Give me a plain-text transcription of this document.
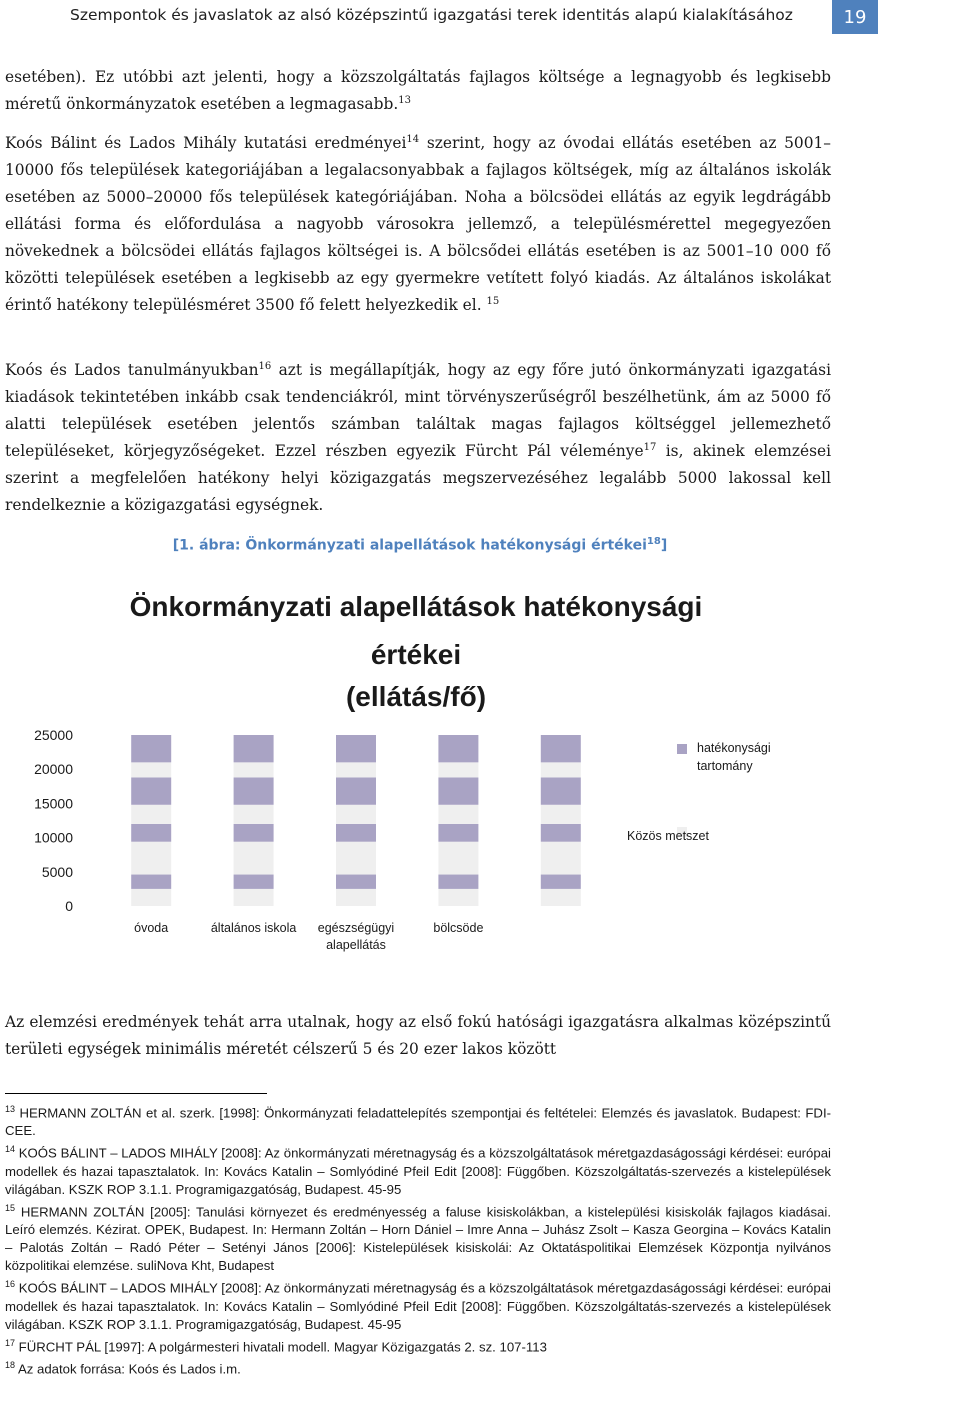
Szempontok és javaslatok az alsó középszintű igazgatási terek identitás alapú kialakításához	19

esetében). Ez utóbbi azt jelenti, hogy a közszolgáltatás fajlagos költsége a legnagyobb és legkisebb méretű önkormányzatok esetében a legmagasabb.$^{13}$

Koós Bálint és Lados Mihály kutatási eredményei$^{14}$ szerint, hogy az óvodai ellátás esetében az 5001–10000 fős települések kategoriájában a legalacsonyabbak a fajlagos költségek, míg az általános iskolák esetében az 5000–20000 fős települések kategóriájában. Noha a bölcsödei ellátás az egyik legdrágább ellátási forma és előfordulása a nagyobb városokra jellemző, a településmérettel megegyezően növekednek a bölcsödei ellátás fajlagos költségei is. A bölcsődei ellátás esetében is az 5001–10 000 fő közötti települések esetében a legkisebb az egy gyermekre vetített folyó kiadás. Az általános iskolákat érintő hatékony településméret 3500 fő felett helyezkedik el. $^{15}$

Koós és Lados tanulmányukban$^{16}$ azt is megállapítják, hogy az egy főre jutó önkormányzati igazgatási kiadások tekintetében inkább csak tendenciákról, mint törvényszerűségről beszélhetünk, ám az 5000 fő alatti települések esetében jelentős számban találtak magas fajlagos költséggel jellemezhető településeket, körjegyzőségeket. Ezzel részben egyezik Fürcht Pál véleménye$^{17}$ is, akinek elemzései szerint a megfelelően hatékony helyi közigazgatás megszervezéséhez legalább 5000 lakossal kell rendelkeznie a közigazgatási egységnek.

[1. ábra: Önkormányzati alapellátások hatékonysági értékei$^{18}$]
Önkormányzati alapellátások hatékonysági
értékei
(ellátás/fő)
25000
20000
15000
10000
5000
0
óvoda	általános iskola egészségügyi
alapellátás
bölcsöde
hatékonysági
tartomány
Közös metszet

Az elemzési eredmények tehát arra utalnak, hogy az első fokú hatósági igazgatásra alkalmas középszintű területi egységek minimális méretét célszerű 5 és 20 ezer lakos között

$^{13}$ HERMANN ZOLTÁN et al. szerk. [1998]: Önkormányzati feladattelepítés szempontjai és feltételei: Elemzés és javaslatok. Budapest: FDI-CEE.

$^{14}$ KOÓS BÁLINT – LADOS MIHÁLY [2008]: Az önkormányzati méretnagyság és a közszolgáltatások méretgazdaságossági kérdései: európai modellek és hazai tapasztalatok. In: Kovács Katalin – Somlyódiné Pfeil Edit [2008]: Függőben. Közszolgáltatás-szervezés a kistelepülések világában. KSZK ROP 3.1.1. Programigazgatóság, Budapest. 45-95

$^{15}$ HERMANN ZOLTÁN [2005]: Tanulási környezet és eredményesség a faluse kisiskolákban, a kistelepülési kisiskolák fajlagos kiadásai. Leíró elemzés. Kézirat. OPEK, Budapest. In: Hermann Zoltán – Horn Dániel – Imre Anna – Juhász Zsolt – Kasza Georgina – Kovács Katalin – Palotás Zoltán – Radó Péter – Setényi János [2006]: Kistelepülések kisiskolái: Az Oktatáspolitikai Elemzések Központja nyilvános közpolitikai elemzése. suliNova Kht, Budapest

$^{16}$ KOÓS BÁLINT – LADOS MIHÁLY [2008]: Az önkormányzati méretnagyság és a közszolgáltatások méretgazdaságossági kérdései: európai modellek és hazai tapasztalatok. In: Kovács Katalin – Somlyódiné Pfeil Edit [2008]: Függőben. Közszolgáltatás-szervezés a kistelepülések világában. KSZK ROP 3.1.1. Programigazgatóság, Budapest. 45-95

$^{17}$ FÜRCHT PÁL [1997]: A polgármesteri hivatali modell. Magyar Közigazgatás 2. sz. 107-113

$^{18}$ Az adatok forrása: Koós és Lados i.m.
